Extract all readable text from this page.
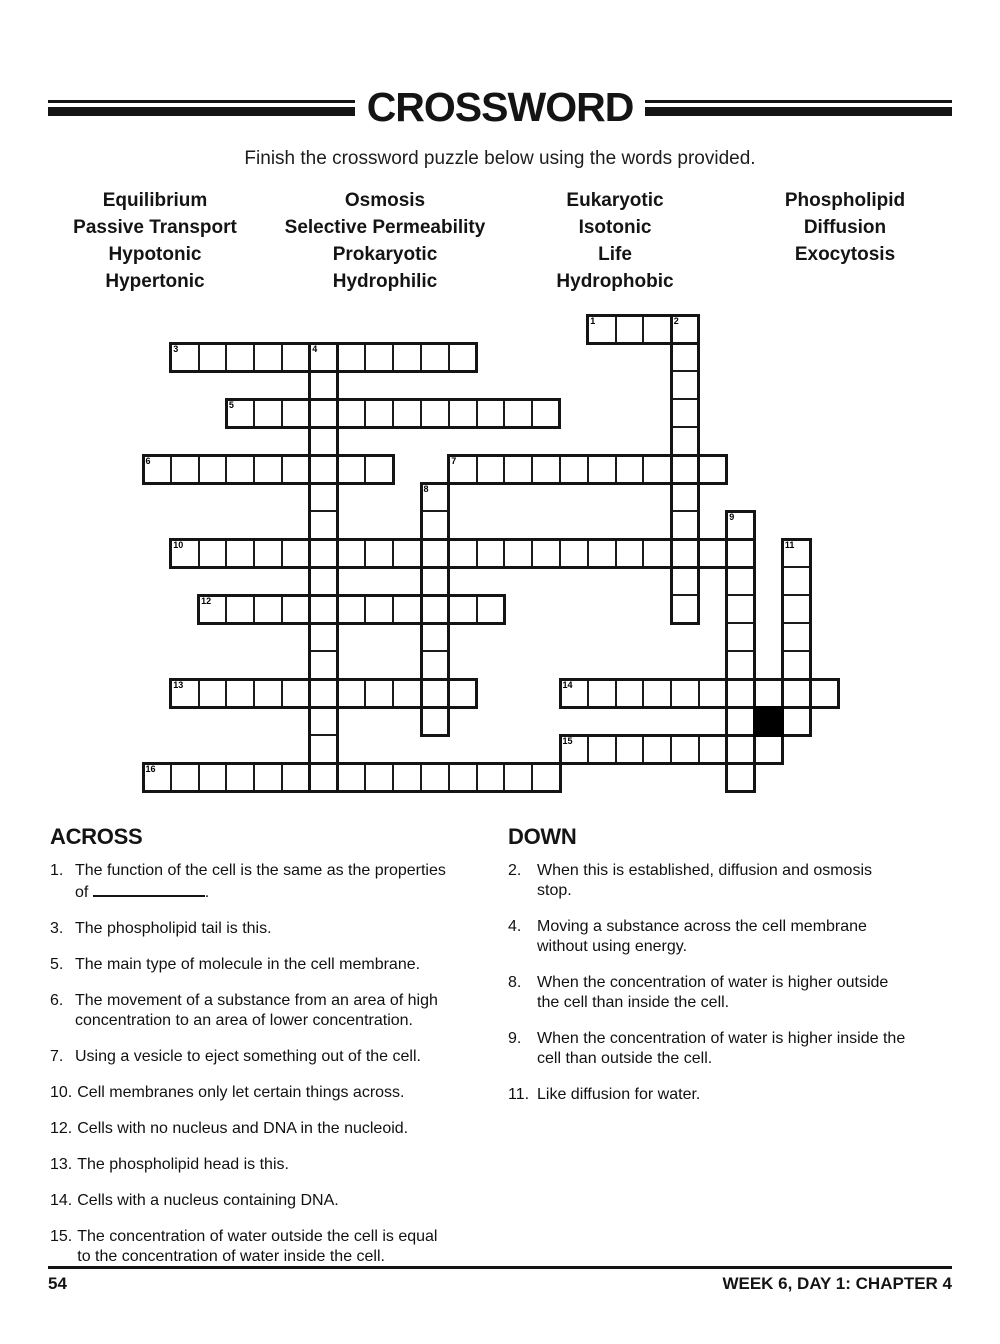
CROSSWORD
Finish the crossword puzzle below using the words provided.
Equilibrium
Passive Transport
Hypotonic
Hypertonic
Osmosis
Selective Permeability
Prokaryotic
Hydrophilic
Eukaryotic
Isotonic
Life
Hydrophobic
Phospholipid
Diffusion
Exocytosis
1	2
3	4
5
6	7
8
9
10	11
12
13	14
15
16
ACROSS
1. The function of the cell is the same as the properties of	.
3. The phospholipid tail is this.
5. The main type of molecule in the cell membrane.
6. The movement of a substance from an area of high concentration to an area of lower concentration.
7. Using a vesicle to eject something out of the cell.
10. Cell membranes only let certain things across.
12. Cells with no nucleus and DNA in the nucleoid.
13. The phospholipid head is this.
14. Cells with a nucleus containing DNA.
15. The concentration of water outside the cell is equal to the concentration of water inside the cell.
DOWN
2. When this is established, diffusion and osmosis stop.
4. Moving a substance across the cell membrane without using energy.
8. When the concentration of water is higher outside the cell than inside the cell.
9. When the concentration of water is higher inside the cell than outside the cell.
11. Like diffusion for water.
54	WEEK 6, DAY 1: CHAPTER 4
